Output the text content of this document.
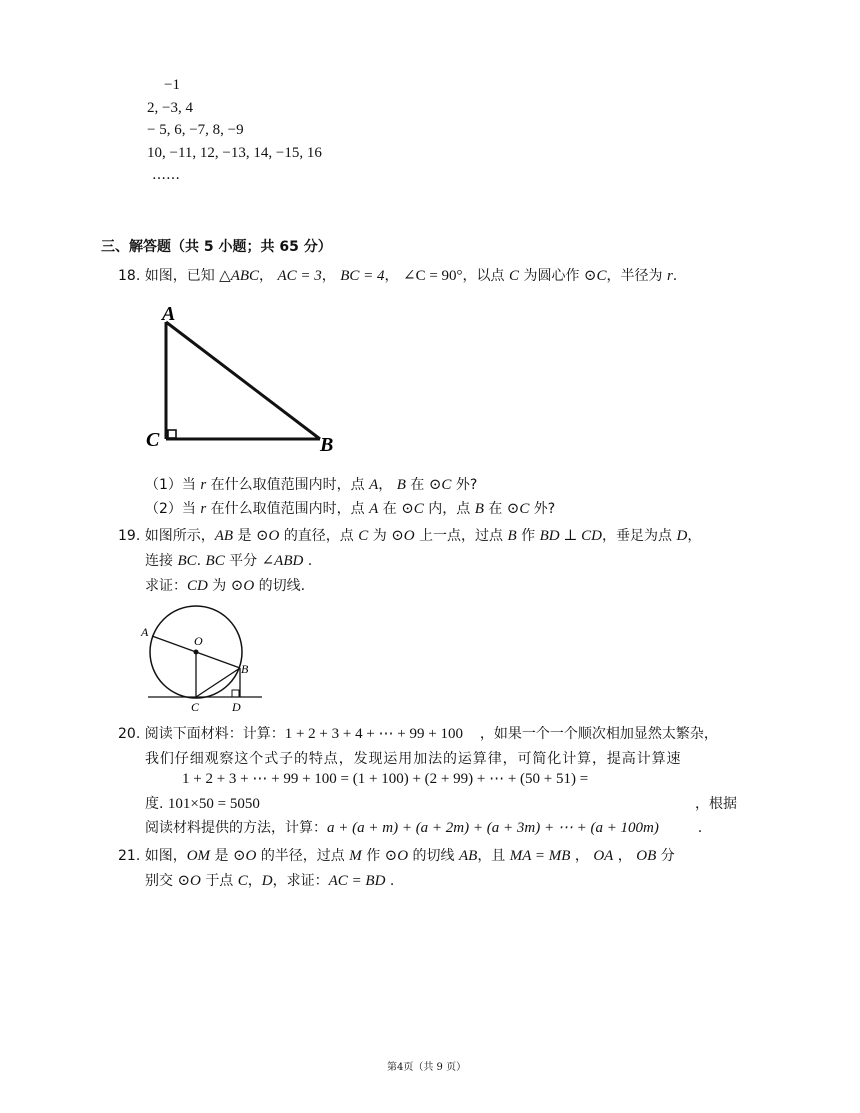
−1
2, −3, 4
− 5, 6, −7, 8, −9
10, −11, 12, −13, 14, −15, 16
……
三、解答题（共 5 小题；共 65 分）
18. 如图，已知 △ABC， AC = 3， BC = 4， ∠C = 90°，以点 C 为圆心作 ⊙C，半径为 r.
A
B
C
（1）当 r 在什么取值范围内时，点 A， B 在 ⊙C 外?
（2）当 r 在什么取值范围内时，点 A 在 ⊙C 内，点 B 在 ⊙C 外?
19. 如图所示，AB 是 ⊙O 的直径，点 C 为 ⊙O 上一点，过点 B 作 BD ⊥ CD，垂足为点 D，
连接 BC. BC 平分 ∠ABD .
求证：CD 为 ⊙O 的切线.
A
O
B
C	D
20. 阅读下面材料：计算：1 + 2 + 3 + 4 + ⋯ + 99 + 100 ，如果一个一个顺次相加显然太繁杂，
我们仔细观察这个式子的特点，发现运用加法的运算律，可简化计算，提高计算速
1 + 2 + 3 + ⋯ + 99 + 100 = (1 + 100) + (2 + 99) + ⋯ + (50 + 51) =
度. 101×50 = 5050	，根据
阅读材料提供的方法，计算：a + (a + m) + (a + 2m) + (a + 3m) + ⋯ + (a + 100m)	.
21. 如图，OM 是 ⊙O 的半径，过点 M 作 ⊙O 的切线 AB，且 MA = MB ， OA ， OB 分
别交 ⊙O 于点 C，D，求证：AC = BD .
第4页（共 9 页）
